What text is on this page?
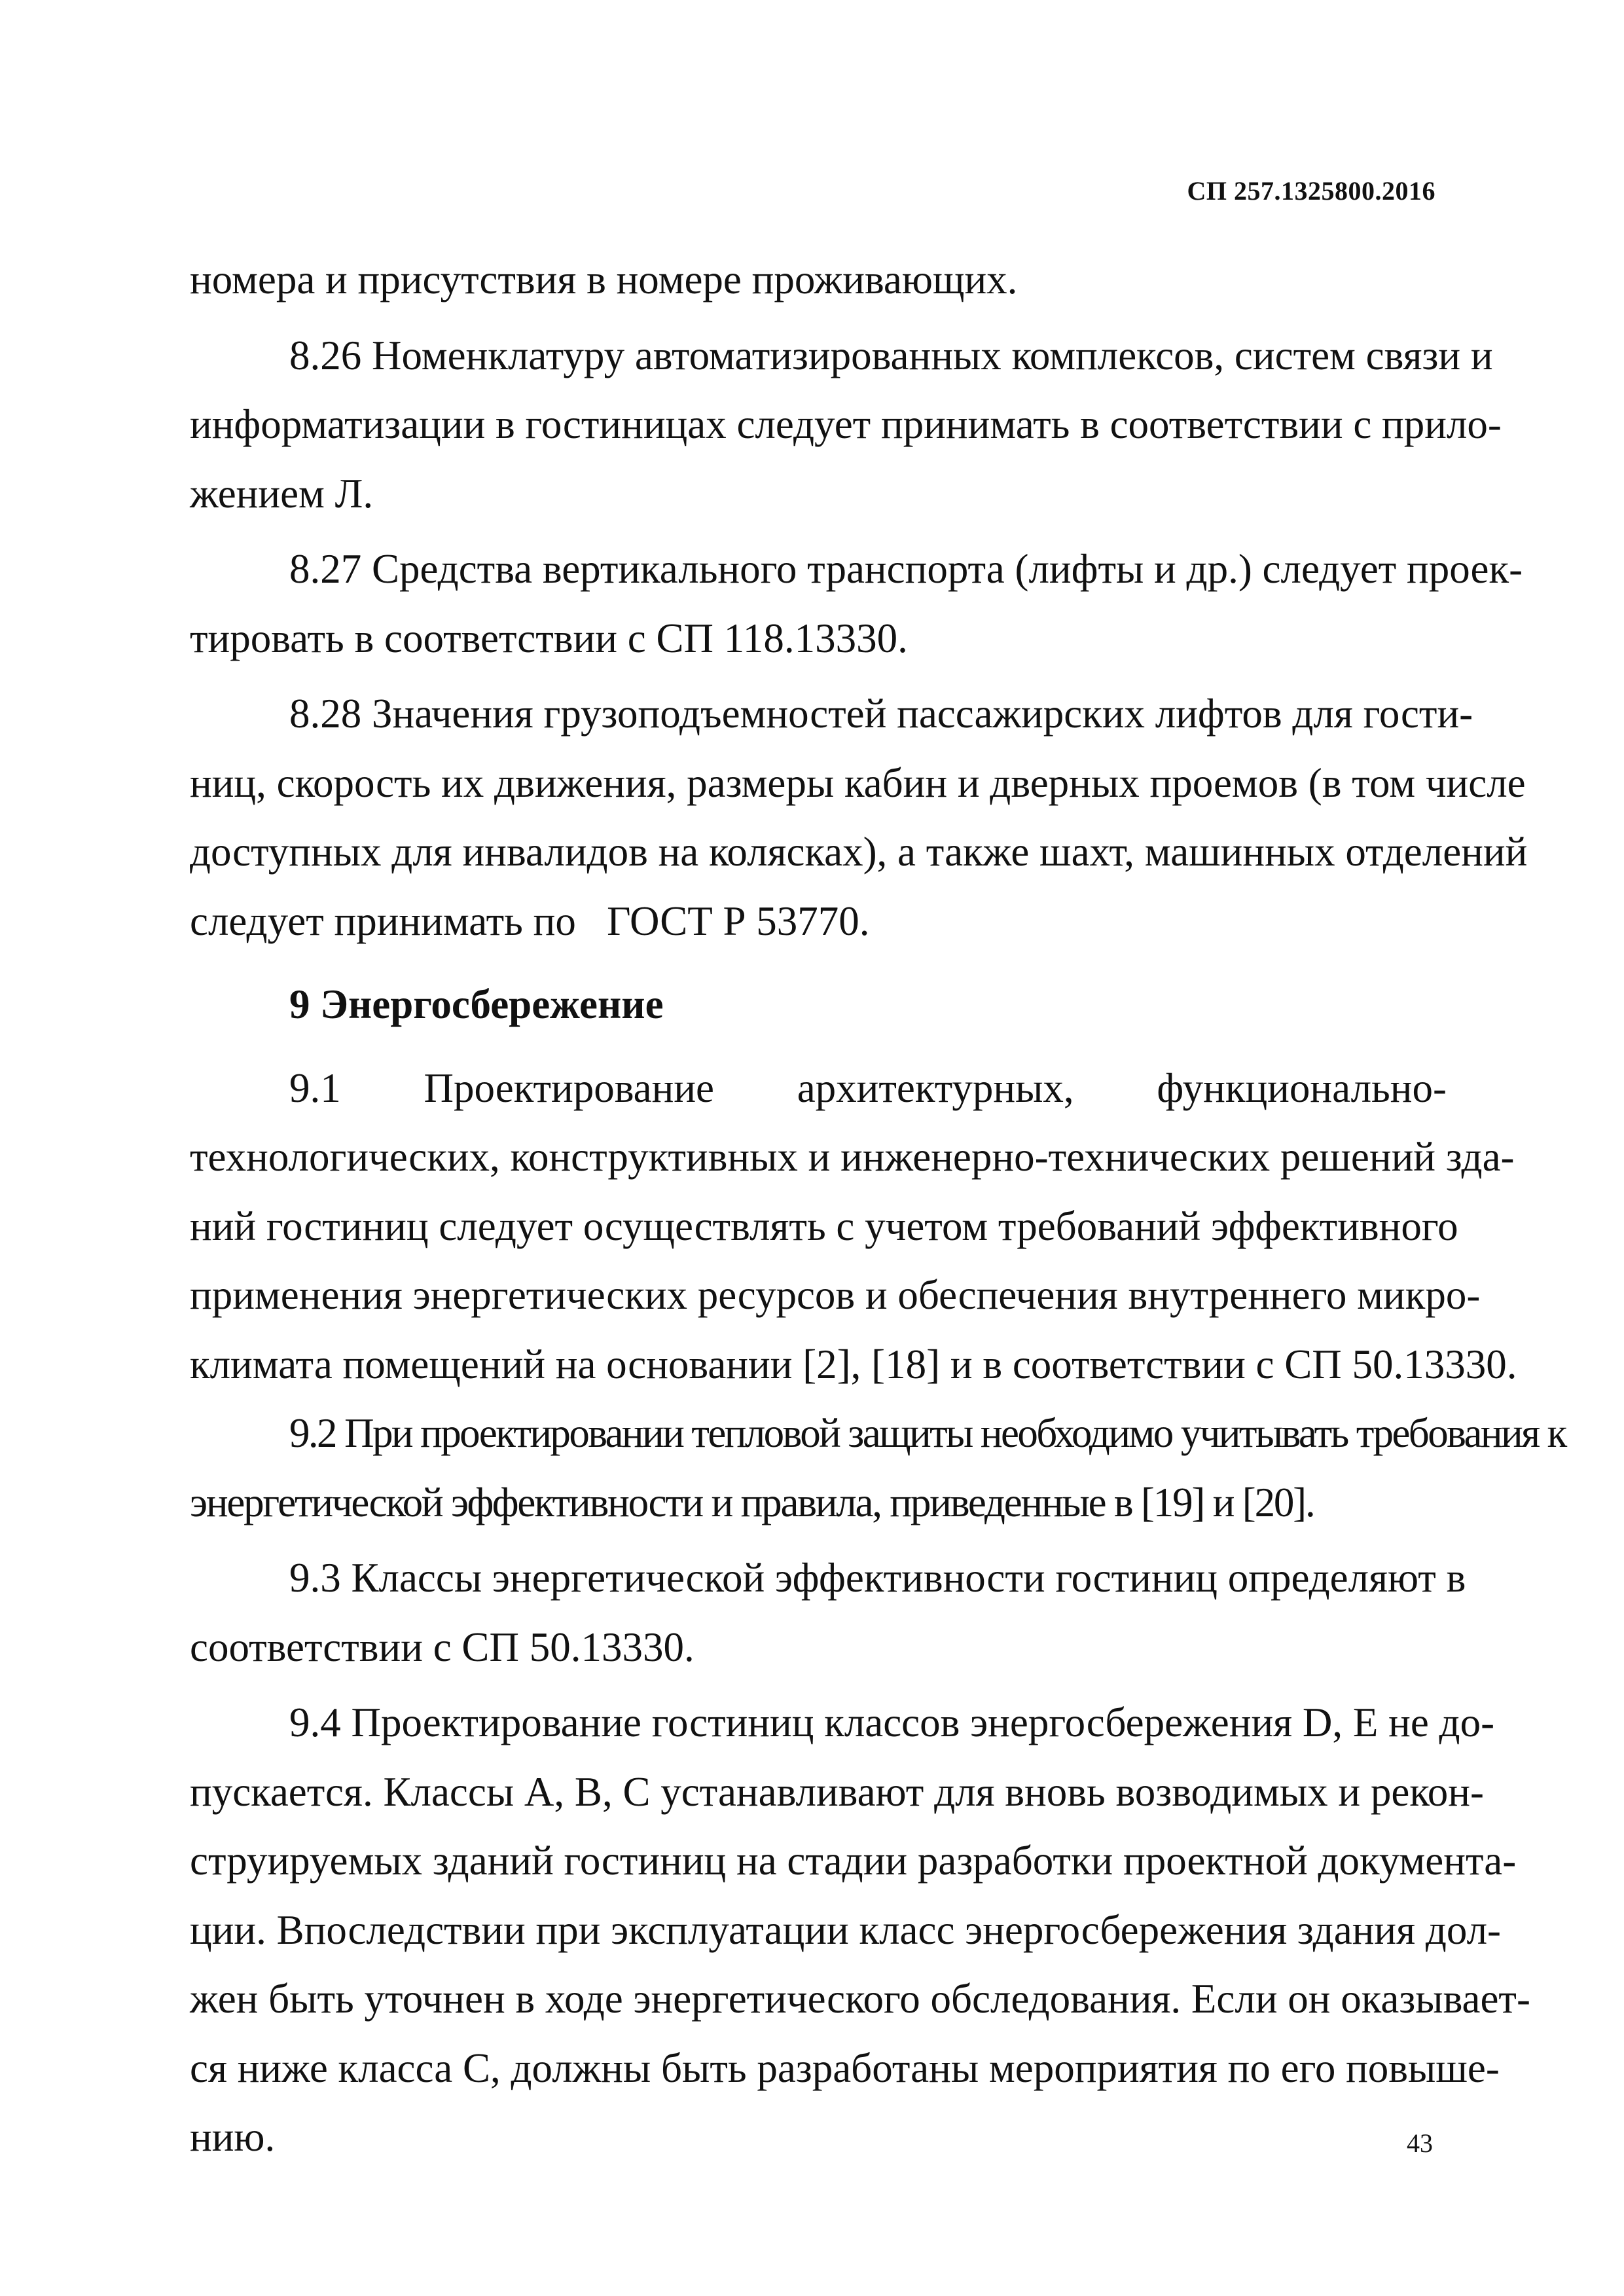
СП 257.1325800.2016
номера и присутствия в номере проживающих.
8.26 Номенклатуру автоматизированных комплексов, систем связи и
информатизации в гостиницах следует принимать в соответствии с прило-
жением Л.
8.27 Средства вертикального транспорта (лифты и др.) следует проек-
тировать в соответствии с СП 118.13330.
8.28 Значения грузоподъемностей пассажирских лифтов для гости-
ниц, скорость их движения, размеры кабин и дверных проемов (в том числе
доступных для инвалидов на колясках), а также шахт, машинных отделений
следует принимать по   ГОСТ Р 53770.
9 Энергосбережение
9.1 Проектирование архитектурных, функционально-
технологических, конструктивных и инженерно-технических решений зда-
ний гостиниц следует осуществлять с учетом требований эффективного
применения энергетических ресурсов и обеспечения внутреннего микро-
климата помещений на основании [2], [18] и в соответствии с СП 50.13330.
9.2 При проектировании тепловой защиты необходимо учитывать требования к
энергетической эффективности и правила, приведенные в [19] и [20].
9.3 Классы энергетической эффективности гостиниц определяют в
соответствии с СП 50.13330.
9.4 Проектирование гостиниц классов энергосбережения D, E не до-
пускается. Классы A, B, C устанавливают для вновь возводимых и рекон-
струируемых зданий гостиниц на стадии разработки проектной документа-
ции. Впоследствии при эксплуатации класс энергосбережения здания дол-
жен быть уточнен в ходе энергетического обследования. Если он оказывает-
ся ниже класса С, должны быть разработаны мероприятия по его повыше-
нию.	43
